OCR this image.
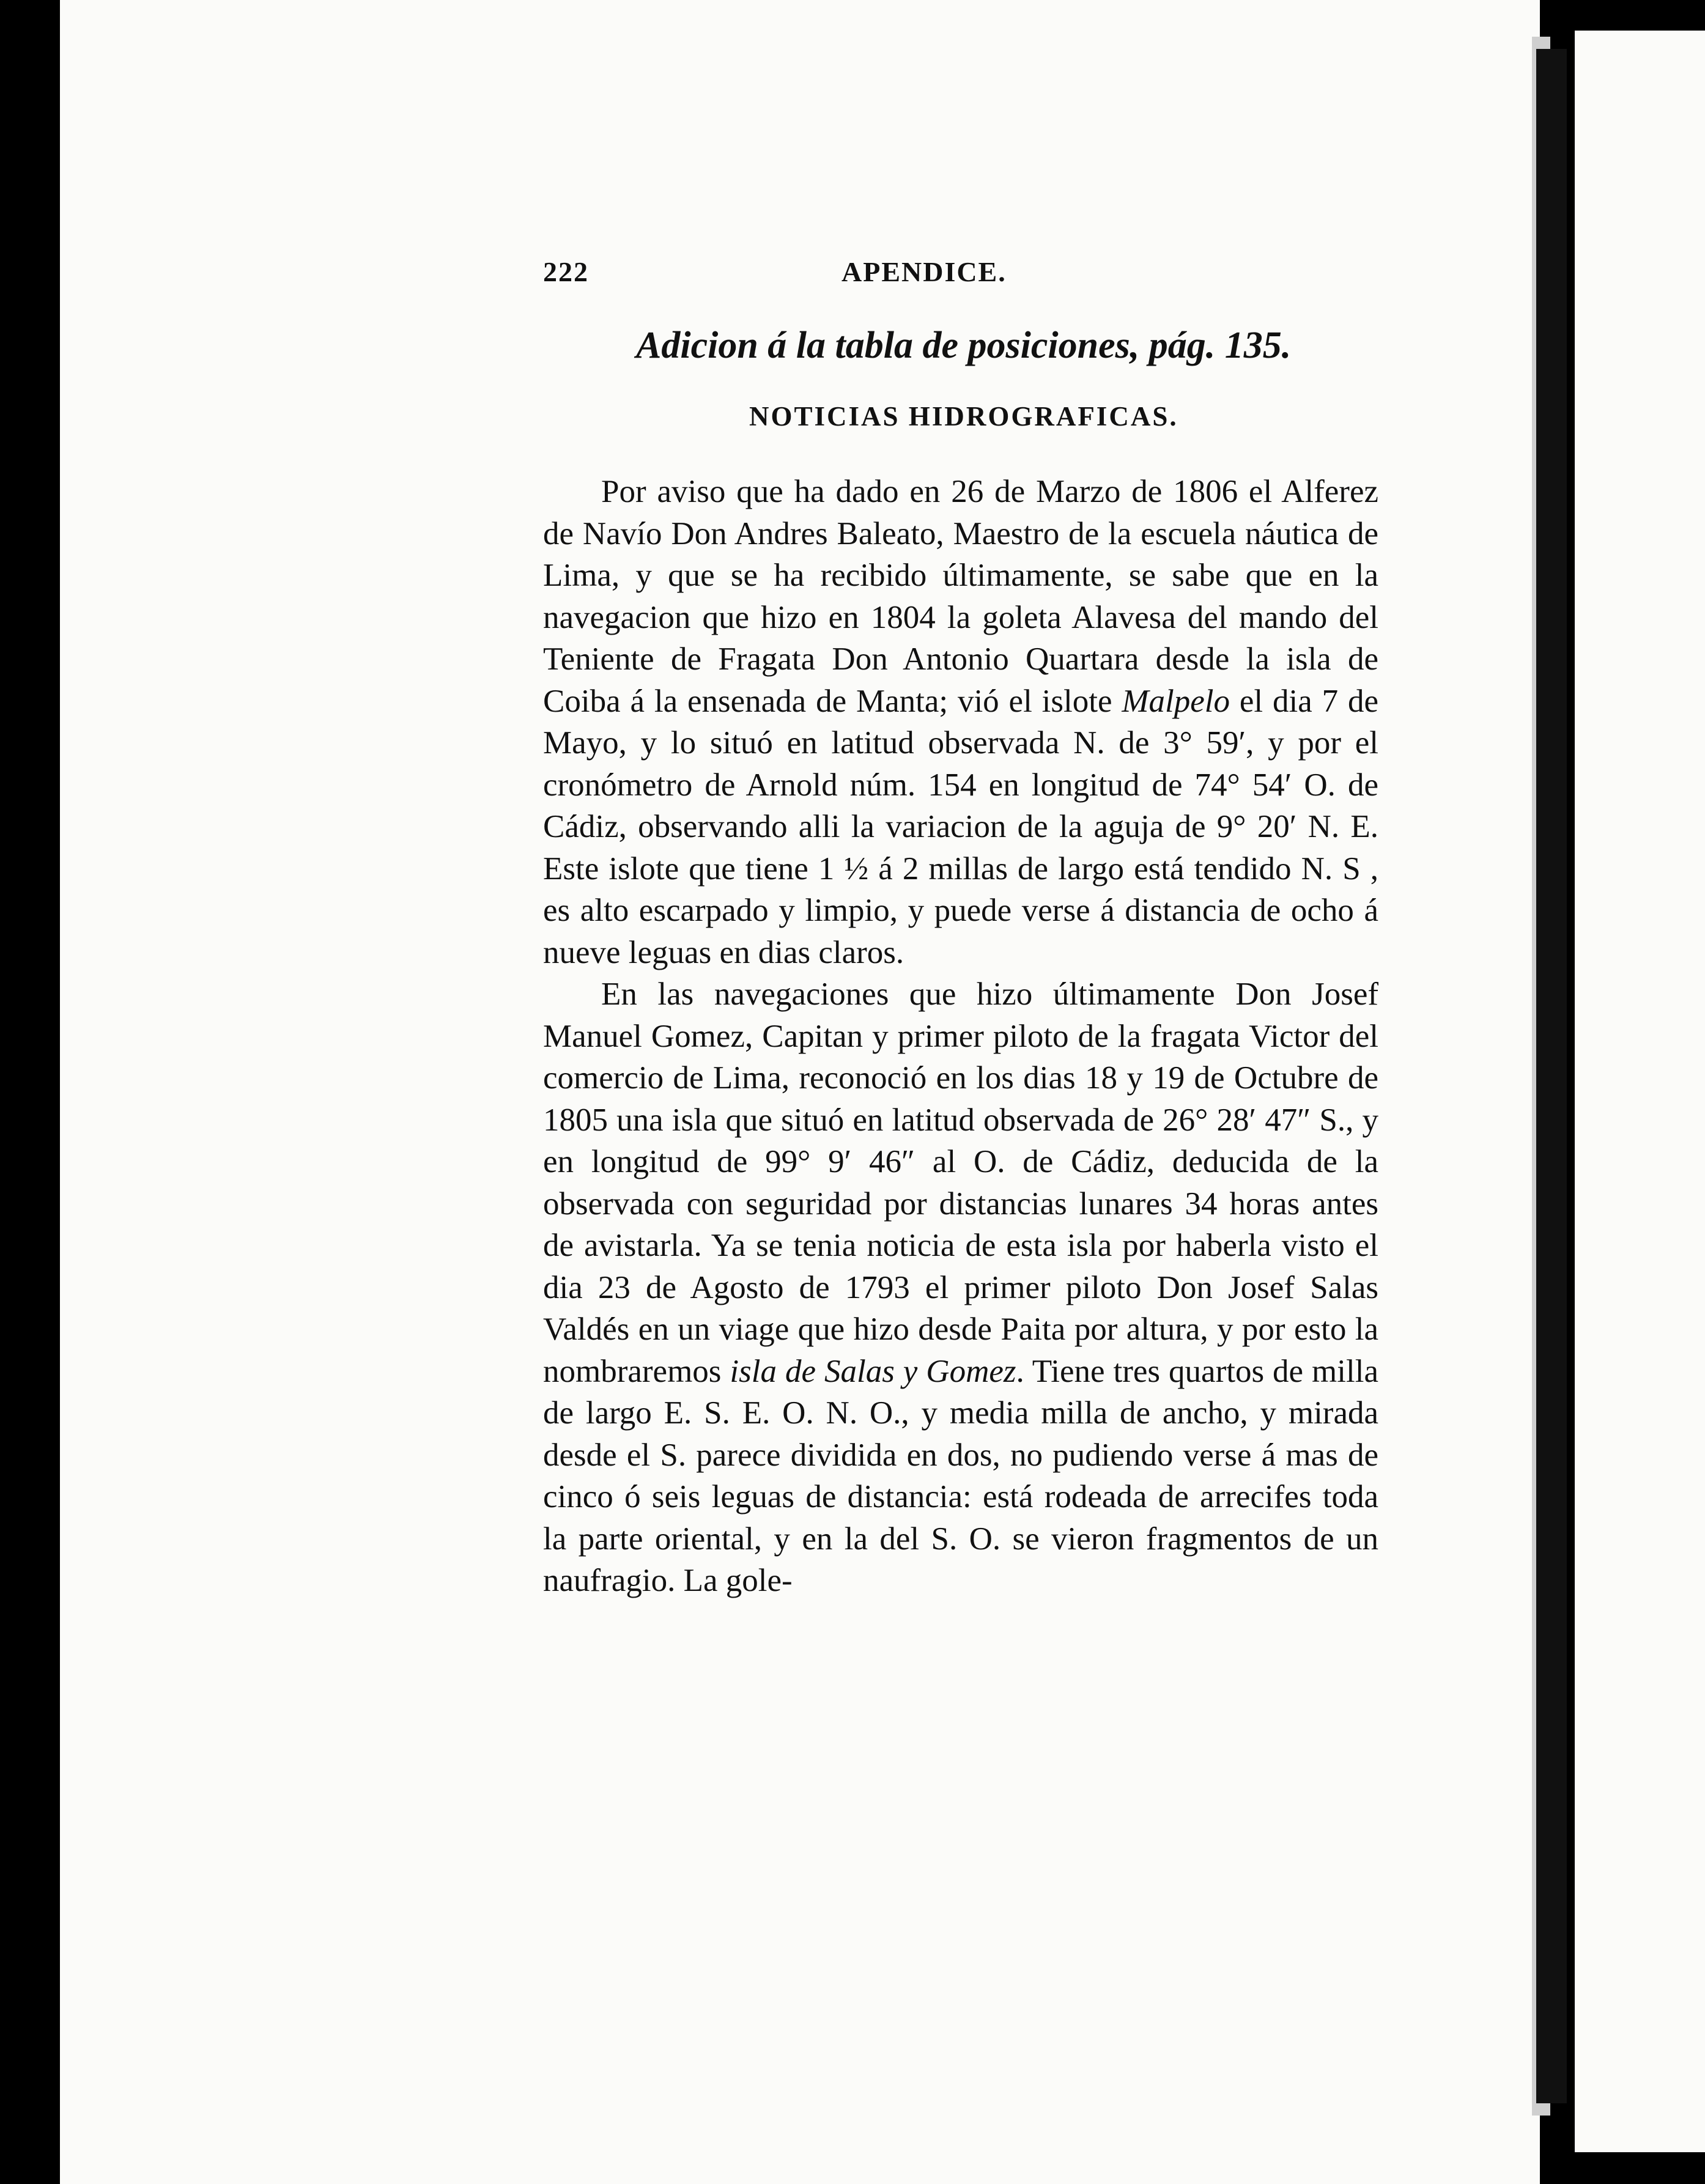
222	APENDICE.
Adicion á la tabla de posiciones, pág. 135.
NOTICIAS HIDROGRAFICAS.

Por aviso que ha dado en 26 de Marzo de 1806 el Alferez de Navío Don Andres Baleato, Maestro de la escuela náutica de Lima, y que se ha recibido últimamente, se sabe que en la navegacion que hizo en 1804 la goleta Alavesa del mando del Teniente de Fragata Don Antonio Quartara desde la isla de Coiba á la ensenada de Manta; vió el islote Malpelo el dia 7 de Mayo, y lo situó en latitud observada N. de 3° 59′, y por el cronómetro de Arnold núm. 154 en longitud de 74° 54′ O. de Cádiz, observando alli la variacion de la aguja de 9° 20′ N. E. Este islote que tiene 1 ½ á 2 millas de largo está tendido N. S , es alto escarpado y limpio, y puede verse á distancia de ocho á nueve leguas en dias claros.

En las navegaciones que hizo últimamente Don Josef Manuel Gomez, Capitan y primer piloto de la fragata Victor del comercio de Lima, reconoció en los dias 18 y 19 de Octubre de 1805 una isla que situó en latitud observada de 26° 28′ 47″ S., y en longitud de 99° 9′ 46″ al O. de Cádiz, deducida de la observada con seguridad por distancias lunares 34 horas antes de avistarla. Ya se tenia noticia de esta isla por haberla visto el dia 23 de Agosto de 1793 el primer piloto Don Josef Salas Valdés en un viage que hizo desde Paita por altura, y por esto la nombraremos isla de Salas y Gomez. Tiene tres quartos de milla de largo E. S. E. O. N. O., y media milla de ancho, y mirada desde el S. parece dividida en dos, no pudiendo verse á mas de cinco ó seis leguas de distancia: está rodeada de arrecifes toda la parte oriental, y en la del S. O. se vieron fragmentos de un naufragio. La gole-
